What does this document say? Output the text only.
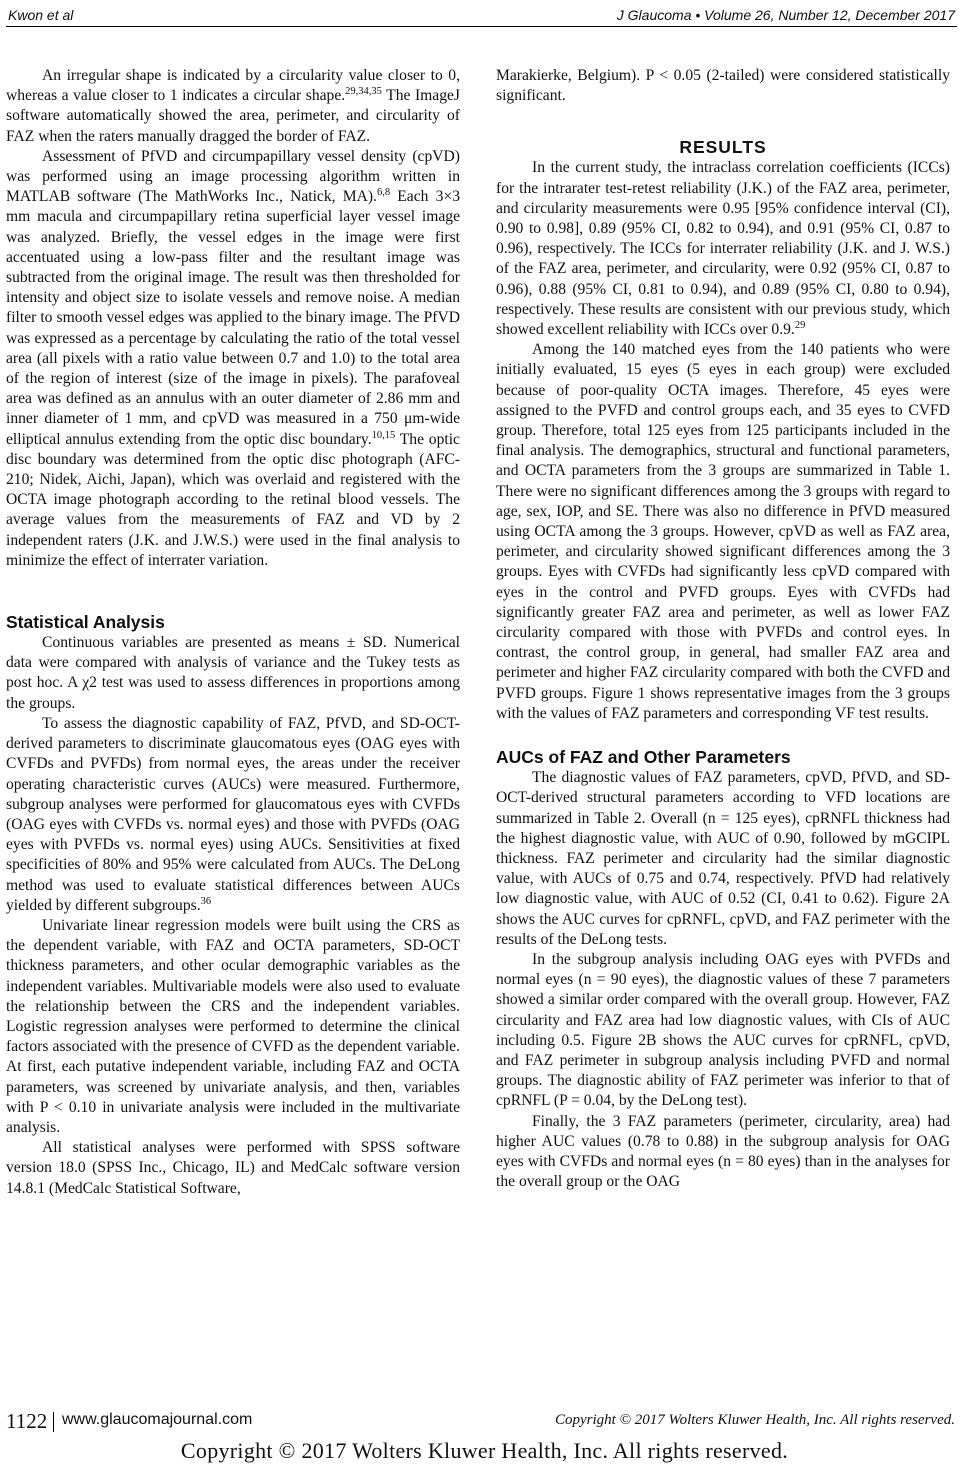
Kwon et al	J Glaucoma • Volume 26, Number 12, December 2017

An irregular shape is indicated by a circularity value closer to 0, whereas a value closer to 1 indicates a circular shape.$^{29,34,35}$ The ImageJ software automatically showed the area, perimeter, and circularity of FAZ when the raters manually dragged the border of FAZ.

Assessment of PfVD and circumpapillary vessel density (cpVD) was performed using an image processing algorithm written in MATLAB software (The MathWorks Inc., Natick, MA).$^{6,8}$ Each 3×3 mm macula and circumpapillary retina superficial layer vessel image was analyzed. Briefly, the vessel edges in the image were first accentuated using a low-pass filter and the resultant image was subtracted from the original image. The result was then thresholded for intensity and object size to isolate vessels and remove noise. A median filter to smooth vessel edges was applied to the binary image. The PfVD was expressed as a percentage by calculating the ratio of the total vessel area (all pixels with a ratio value between 0.7 and 1.0) to the total area of the region of interest (size of the image in pixels). The parafoveal area was defined as an annulus with an outer diameter of 2.86 mm and inner diameter of 1 mm, and cpVD was measured in a 750 μm-wide elliptical annulus extending from the optic disc boundary.$^{10,15}$ The optic disc boundary was determined from the optic disc photograph (AFC-210; Nidek, Aichi, Japan), which was overlaid and registered with the OCTA image photograph according to the retinal blood vessels. The average values from the measurements of FAZ and VD by 2 independent raters (J.K. and J.W.S.) were used in the final analysis to minimize the effect of interrater variation.

Statistical Analysis

Continuous variables are presented as means ± SD. Numerical data were compared with analysis of variance and the Tukey tests as post hoc. A χ2 test was used to assess differences in proportions among the groups.

To assess the diagnostic capability of FAZ, PfVD, and SD-OCT-derived parameters to discriminate glaucomatous eyes (OAG eyes with CVFDs and PVFDs) from normal eyes, the areas under the receiver operating characteristic curves (AUCs) were measured. Furthermore, subgroup analyses were performed for glaucomatous eyes with CVFDs (OAG eyes with CVFDs vs. normal eyes) and those with PVFDs (OAG eyes with PVFDs vs. normal eyes) using AUCs. Sensitivities at fixed specificities of 80% and 95% were calculated from AUCs. The DeLong method was used to evaluate statistical differences between AUCs yielded by different subgroups.$^{36}$

Univariate linear regression models were built using the CRS as the dependent variable, with FAZ and OCTA parameters, SD-OCT thickness parameters, and other ocular demographic variables as the independent variables. Multivariable models were also used to evaluate the relationship between the CRS and the independent variables. Logistic regression analyses were performed to determine the clinical factors associated with the presence of CVFD as the dependent variable. At first, each putative independent variable, including FAZ and OCTA parameters, was screened by univariate analysis, and then, variables with P < 0.10 in univariate analysis were included in the multivariate analysis.

All statistical analyses were performed with SPSS software version 18.0 (SPSS Inc., Chicago, IL) and MedCalc software version 14.8.1 (MedCalc Statistical Software,

Marakierke, Belgium). P < 0.05 (2-tailed) were considered statistically significant.

RESULTS

In the current study, the intraclass correlation coefficients (ICCs) for the intrarater test-retest reliability (J.K.) of the FAZ area, perimeter, and circularity measurements were 0.95 [95% confidence interval (CI), 0.90 to 0.98], 0.89 (95% CI, 0.82 to 0.94), and 0.91 (95% CI, 0.87 to 0.96), respectively. The ICCs for interrater reliability (J.K. and J. W.S.) of the FAZ area, perimeter, and circularity, were 0.92 (95% CI, 0.87 to 0.96), 0.88 (95% CI, 0.81 to 0.94), and 0.89 (95% CI, 0.80 to 0.94), respectively. These results are consistent with our previous study, which showed excellent reliability with ICCs over 0.9.29

Among the 140 matched eyes from the 140 patients who were initially evaluated, 15 eyes (5 eyes in each group) were excluded because of poor-quality OCTA images. Therefore, 45 eyes were assigned to the PVFD and control groups each, and 35 eyes to CVFD group. Therefore, total 125 eyes from 125 participants included in the final analysis. The demographics, structural and functional parameters, and OCTA parameters from the 3 groups are summarized in Table 1. There were no significant differences among the 3 groups with regard to age, sex, IOP, and SE. There was also no difference in PfVD measured using OCTA among the 3 groups. However, cpVD as well as FAZ area, perimeter, and circularity showed significant differences among the 3 groups. Eyes with CVFDs had significantly less cpVD compared with eyes in the control and PVFD groups. Eyes with CVFDs had significantly greater FAZ area and perimeter, as well as lower FAZ circularity compared with those with PVFDs and control eyes. In contrast, the control group, in general, had smaller FAZ area and perimeter and higher FAZ circularity compared with both the CVFD and PVFD groups. Figure 1 shows representative images from the 3 groups with the values of FAZ parameters and corresponding VF test results.

AUCs of FAZ and Other Parameters

The diagnostic values of FAZ parameters, cpVD, PfVD, and SD-OCT-derived structural parameters according to VFD locations are summarized in Table 2. Overall (n = 125 eyes), cpRNFL thickness had the highest diagnostic value, with AUC of 0.90, followed by mGCIPL thickness. FAZ perimeter and circularity had the similar diagnostic value, with AUCs of 0.75 and 0.74, respectively. PfVD had relatively low diagnostic value, with AUC of 0.52 (CI, 0.41 to 0.62). Figure 2A shows the AUC curves for cpRNFL, cpVD, and FAZ perimeter with the results of the DeLong tests.

In the subgroup analysis including OAG eyes with PVFDs and normal eyes (n = 90 eyes), the diagnostic values of these 7 parameters showed a similar order compared with the overall group. However, FAZ circularity and FAZ area had low diagnostic values, with CIs of AUC including 0.5. Figure 2B shows the AUC curves for cpRNFL, cpVD, and FAZ perimeter in subgroup analysis including PVFD and normal groups. The diagnostic ability of FAZ perimeter was inferior to that of cpRNFL (P = 0.04, by the DeLong test).

Finally, the 3 FAZ parameters (perimeter, circularity, area) had higher AUC values (0.78 to 0.88) in the subgroup analysis for OAG eyes with CVFDs and normal eyes (n = 80 eyes) than in the analyses for the overall group or the OAG

1122 www.glaucomajournal.com	Copyright © 2017 Wolters Kluwer Health, Inc. All rights reserved.
Copyright © 2017 Wolters Kluwer Health, Inc. All rights reserved.
